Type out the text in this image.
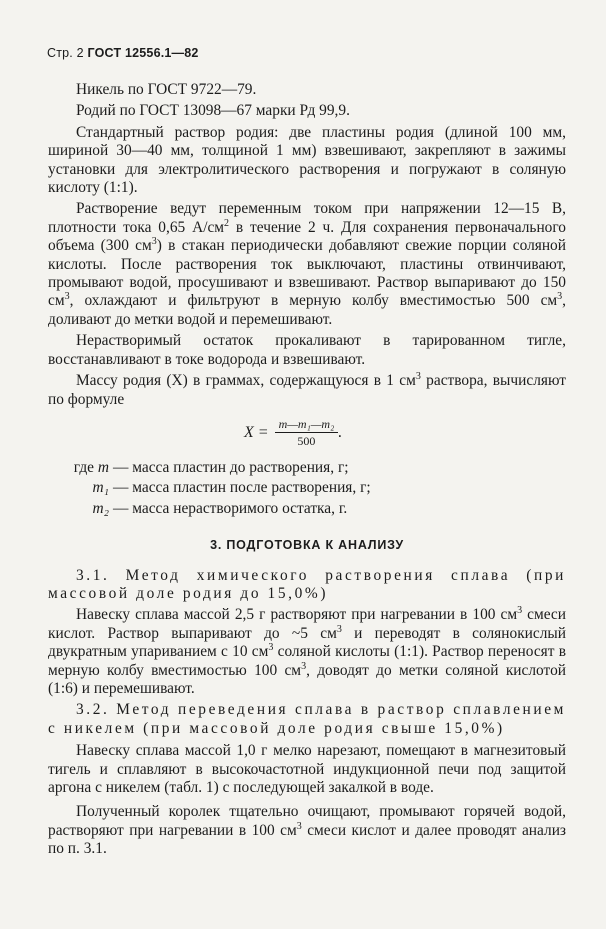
Стр. 2 ГОСТ 12556.1—82

Никель по ГОСТ 9722—79.

Родий по ГОСТ 13098—67 марки Рд 99,9.

Стандартный раствор родия: две пластины родия (длиной 100 мм, шириной 30—40 мм, толщиной 1 мм) взвешивают, закрепляют в зажимы установки для электролитического растворения и погружают в соляную кислоту (1:1).

Растворение ведут переменным током при напряжении 12—15 В, плотности тока 0,65 $А/см^2$ в течение 2 ч. Для сохранения первоначального объема (300 $см^3$) в стакан периодически добавляют свежие порции соляной кислоты. После растворения ток выключают, пластины отвинчивают, промывают водой, просушивают и взвешивают. Раствор выпаривают до 150 $см^3$, охлаждают и фильтруют в мерную колбу вместимостью 500 $см^3$, доливают до метки водой и перемешивают.

Нерастворимый остаток прокаливают в тарированном тигле, восстанавливают в токе водорода и взвешивают.

Массу родия (X) в граммах, содержащуюся в 1 $см^3$ раствора, вычисляют по формуле

$X = \frac{\text{m—m₁—m₂}}{500}$ .
где m — масса пластин до растворения, г;
m₁ — масса пластин после растворения, г;
m₂ — масса нерастворимого остатка, г.
3. ПОДГОТОВКА К АНАЛИЗУ

3.1. Метод химического растворения сплава (при массовой доле родия до 15,0%)

Навеску сплава массой 2,5 г растворяют при нагревании в 100 $см^3$ смеси кислот. Раствор выпаривают до ~5 $см^3$ и переводят в солянокислый двукратным упариванием с 10 $см^3$ соляной кислоты (1:1). Раствор переносят в мерную колбу вместимостью 100 $см^3$, доводят до метки соляной кислотой (1:6) и перемешивают.

3.2. Метод переведения сплава в раствор сплавлением с никелем (при массовой доле родия свыше 15,0%)

Навеску сплава массой 1,0 г мелко нарезают, помещают в магнезитовый тигель и сплавляют в высокочастотной индукционной печи под защитой аргона с никелем (табл. 1) с последующей закалкой в воде.

Полученный королек тщательно очищают, промывают горячей водой, растворяют при нагревании в 100 $см^3$ смеси кислот и далее проводят анализ по п. 3.1.
